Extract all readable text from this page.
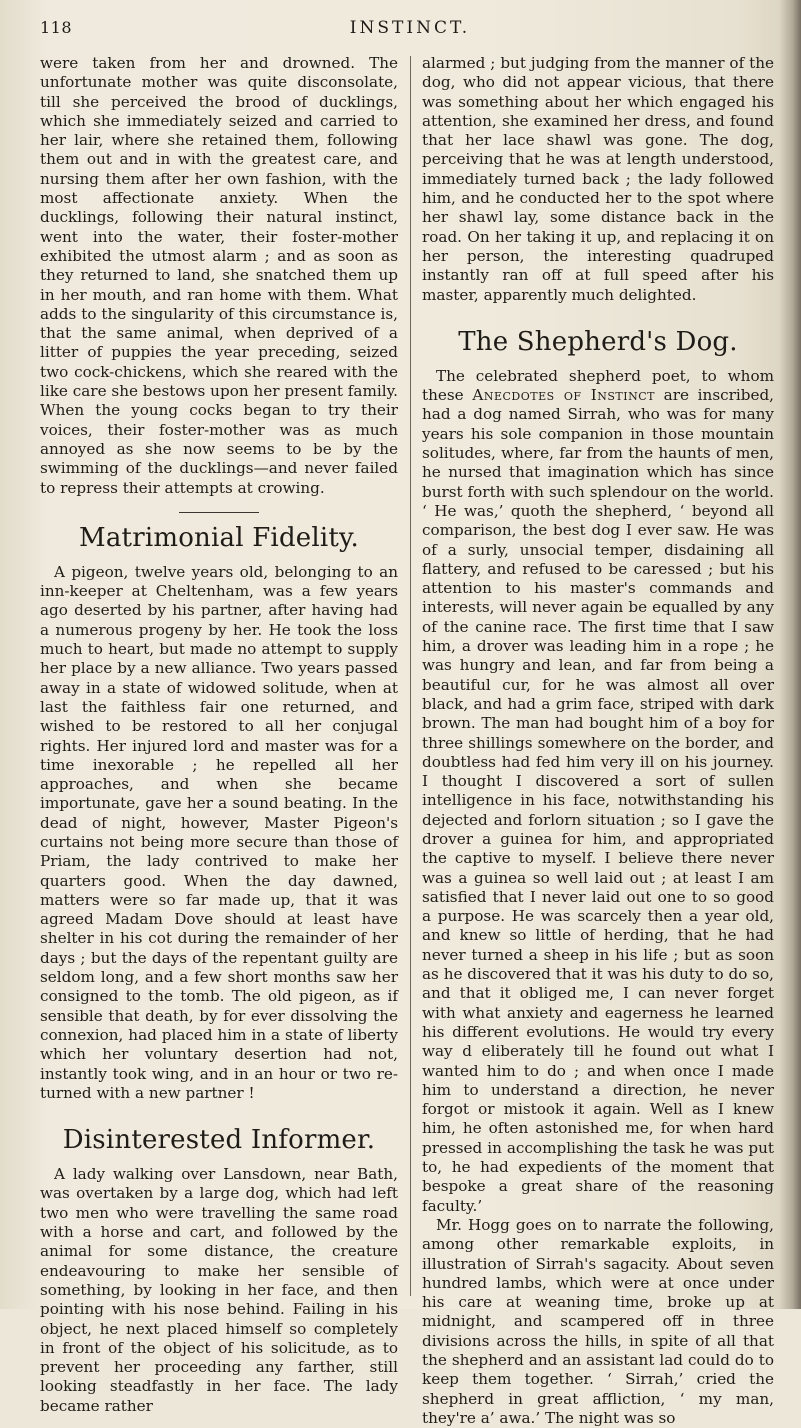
118	INSTINCT.

were taken from her and drowned. The unfortunate mother was quite disconsolate, till she perceived the brood of ducklings, which she immediately seized and carried to her lair, where she retained them, following them out and in with the greatest care, and nursing them after her own fashion, with the most affectionate anxiety. When the ducklings, following their natural instinct, went into the water, their foster-mother exhibited the utmost alarm ; and as soon as they returned to land, she snatched them up in her mouth, and ran home with them. What adds to the singularity of this circumstance is, that the same animal, when deprived of a litter of puppies the year preceding, seized two cock-chickens, which she reared with the like care she bestows upon her present family. When the young cocks began to try their voices, their foster-mother was as much annoyed as she now seems to be by the swimming of the ducklings—and never failed to repress their attempts at crowing.

Matrimonial Fidelity.

A pigeon, twelve years old, belonging to an inn-keeper at Cheltenham, was a few years ago deserted by his partner, after having had a numerous progeny by her. He took the loss much to heart, but made no attempt to supply her place by a new alliance. Two years passed away in a state of widowed solitude, when at last the faithless fair one returned, and wished to be restored to all her conjugal rights. Her injured lord and master was for a time inexorable ; he repelled all her approaches, and when she became importunate, gave her a sound beating. In the dead of night, however, Master Pigeon's curtains not being more secure than those of Priam, the lady contrived to make her quarters good. When the day dawned, matters were so far made up, that it was agreed Madam Dove should at least have shelter in his cot during the remainder of her days ; but the days of the repentant guilty are seldom long, and a few short months saw her consigned to the tomb. The old pigeon, as if sensible that death, by for ever dissolving the connexion, had placed him in a state of liberty which her voluntary desertion had not, instantly took wing, and in an hour or two re-turned with a new partner !

Disinterested Informer.

A lady walking over Lansdown, near Bath, was overtaken by a large dog, which had left two men who were travelling the same road with a horse and cart, and followed by the animal for some distance, the creature endeavouring to make her sensible of something, by looking in her face, and then pointing with his nose behind. Failing in his object, he next placed himself so completely in front of the object of his solicitude, as to prevent her proceeding any farther, still looking steadfastly in her face. The lady became rather

alarmed ; but judging from the manner of the dog, who did not appear vicious, that there was something about her which engaged his attention, she examined her dress, and found that her lace shawl was gone. The dog, perceiving that he was at length understood, immediately turned back ; the lady followed him, and he conducted her to the spot where her shawl lay, some distance back in the road. On her taking it up, and replacing it on her person, the interesting quadruped instantly ran off at full speed after his master, apparently much delighted.

The Shepherd's Dog.

The celebrated shepherd poet, to whom these Anecdotes of Instinct are inscribed, had a dog named Sirrah, who was for many years his sole companion in those mountain solitudes, where, far from the haunts of men, he nursed that imagination which has since burst forth with such splendour on the world. ‘ He was,’ quoth the shepherd, ‘ beyond all comparison, the best dog I ever saw. He was of a surly, unsocial temper, disdaining all flattery, and refused to be caressed ; but his attention to his master's commands and interests, will never again be equalled by any of the canine race. The first time that I saw him, a drover was leading him in a rope ; he was hungry and lean, and far from being a beautiful cur, for he was almost all over black, and had a grim face, striped with dark brown. The man had bought him of a boy for three shillings somewhere on the border, and doubtless had fed him very ill on his journey. I thought I discovered a sort of sullen intelligence in his face, notwithstanding his dejected and forlorn situation ; so I gave the drover a guinea for him, and appropriated the captive to myself. I believe there never was a guinea so well laid out ; at least I am satisfied that I never laid out one to so good a purpose. He was scarcely then a year old, and knew so little of herding, that he had never turned a sheep in his life ; but as soon as he discovered that it was his duty to do so, and that it obliged me, I can never forget with what anxiety and eagerness he learned his different evolutions. He would try every way d eliberately till he found out what I wanted him to do ; and when once I made him to understand a direction, he never forgot or mistook it again. Well as I knew him, he often astonished me, for when hard pressed in accomplishing the task he was put to, he had expedients of the moment that bespoke a great share of the reasoning faculty.’

Mr. Hogg goes on to narrate the following, among other remarkable exploits, in illustration of Sirrah's sagacity. About seven hundred lambs, which were at once under his care at weaning time, broke up at midnight, and scampered off in three divisions across the hills, in spite of all that the shepherd and an assistant lad could do to keep them together. ‘ Sirrah,’ cried the shepherd in great affliction, ‘ my man, they're a’ awa.’ The night was so
